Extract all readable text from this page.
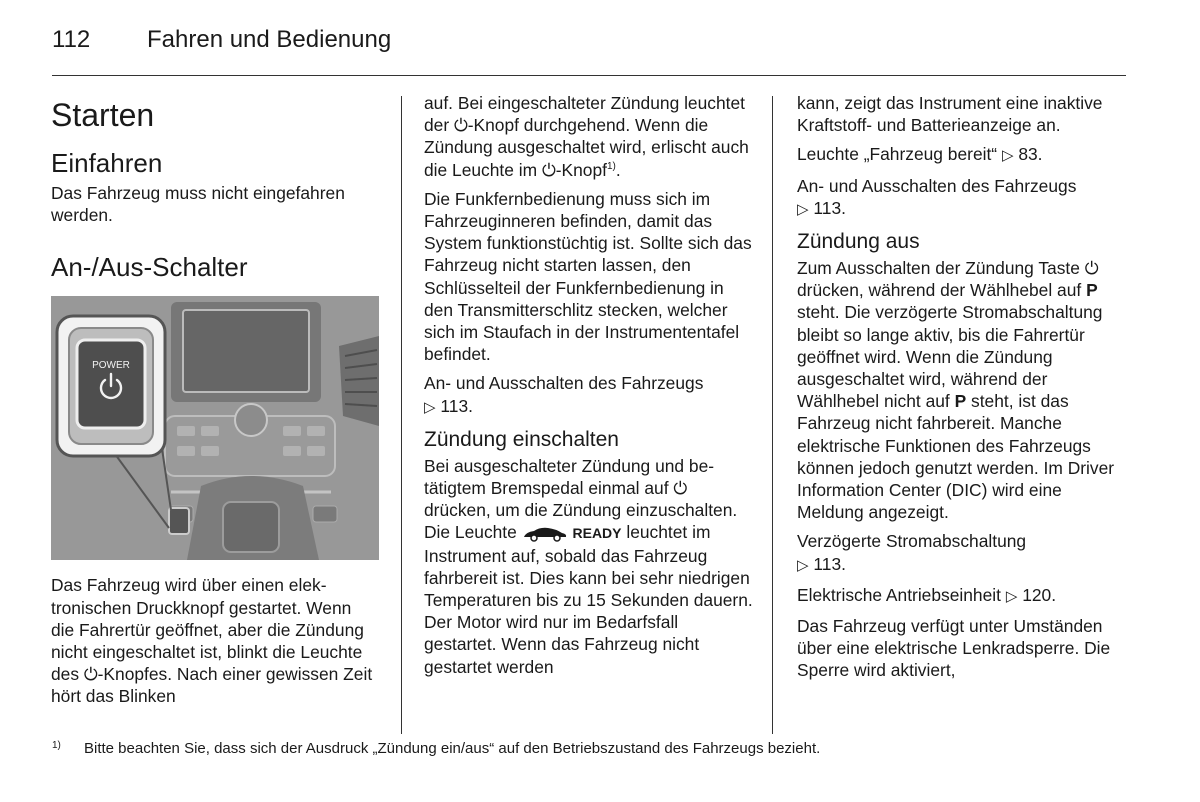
112 Fahren und Bedienung
Starten
Einfahren

Das Fahrzeug muss nicht eingefahren werden.

An-/Aus-Schalter
POWER

Das Fahrzeug wird über einen elektronischen Druckknopf gestartet. Wenn die Fahrertür geöffnet, aber die Zündung nicht eingeschaltet ist, blinkt die Leuchte des ⏻-Knopfes. Nach einer gewissen Zeit hört das Blinken

auf. Bei eingeschalteter Zündung leuchtet der ⏻-Knopf durchgehend. Wenn die Zündung ausgeschaltet wird, erlischt auch die Leuchte im ⏻-Knopf$^{1)}$.

Die Funkfernbedienung muss sich im Fahrzeuginneren befinden, damit das System funktionstüchtig ist. Sollte sich das Fahrzeug nicht starten lassen, den Schlüsselteil der Funkfernbedienung in den Transmitterschlitz stecken, welcher sich im Staufach in der Instrumententafel befindet.

An- und Ausschalten des Fahrzeugs
▷ 113.

Zündung einschalten

Bei ausgeschalteter Zündung und betätigtem Bremspedal einmal auf ⏻ drücken, um die Zündung einzuschalten. Die Leuchte	READY leuchtet im Instrument auf, sobald das Fahrzeug fahrbereit ist. Dies kann bei sehr niedrigen Temperaturen bis zu 15 Sekunden dauern. Der Motor wird nur im Bedarfsfall gestartet. Wenn das Fahrzeug nicht gestartet werden

kann, zeigt das Instrument eine inaktive Kraftstoff- und Batterieanzeige an.

Leuchte „Fahrzeug bereit“ ▷ 83.

An- und Ausschalten des Fahrzeugs
▷ 113.

Zündung aus

Zum Ausschalten der Zündung Taste ⏻ drücken, während der Wählhebel auf P steht. Die verzögerte Stromabschaltung bleibt so lange aktiv, bis die Fahrertür geöffnet wird. Wenn die Zündung ausgeschaltet wird, während der Wählhebel nicht auf P steht, ist das Fahrzeug nicht fahrbereit. Manche elektrische Funktionen des Fahrzeugs können jedoch genutzt werden. Im Driver Information Center (DIC) wird eine Meldung angezeigt.

Verzögerte Stromabschaltung
▷ 113.

Elektrische Antriebseinheit ▷ 120.

Das Fahrzeug verfügt unter Umständen über eine elektrische Lenkradsperre. Die Sperre wird aktiviert,

1) Bitte beachten Sie, dass sich der Ausdruck „Zündung ein/aus“ auf den Betriebszustand des Fahrzeugs bezieht.
